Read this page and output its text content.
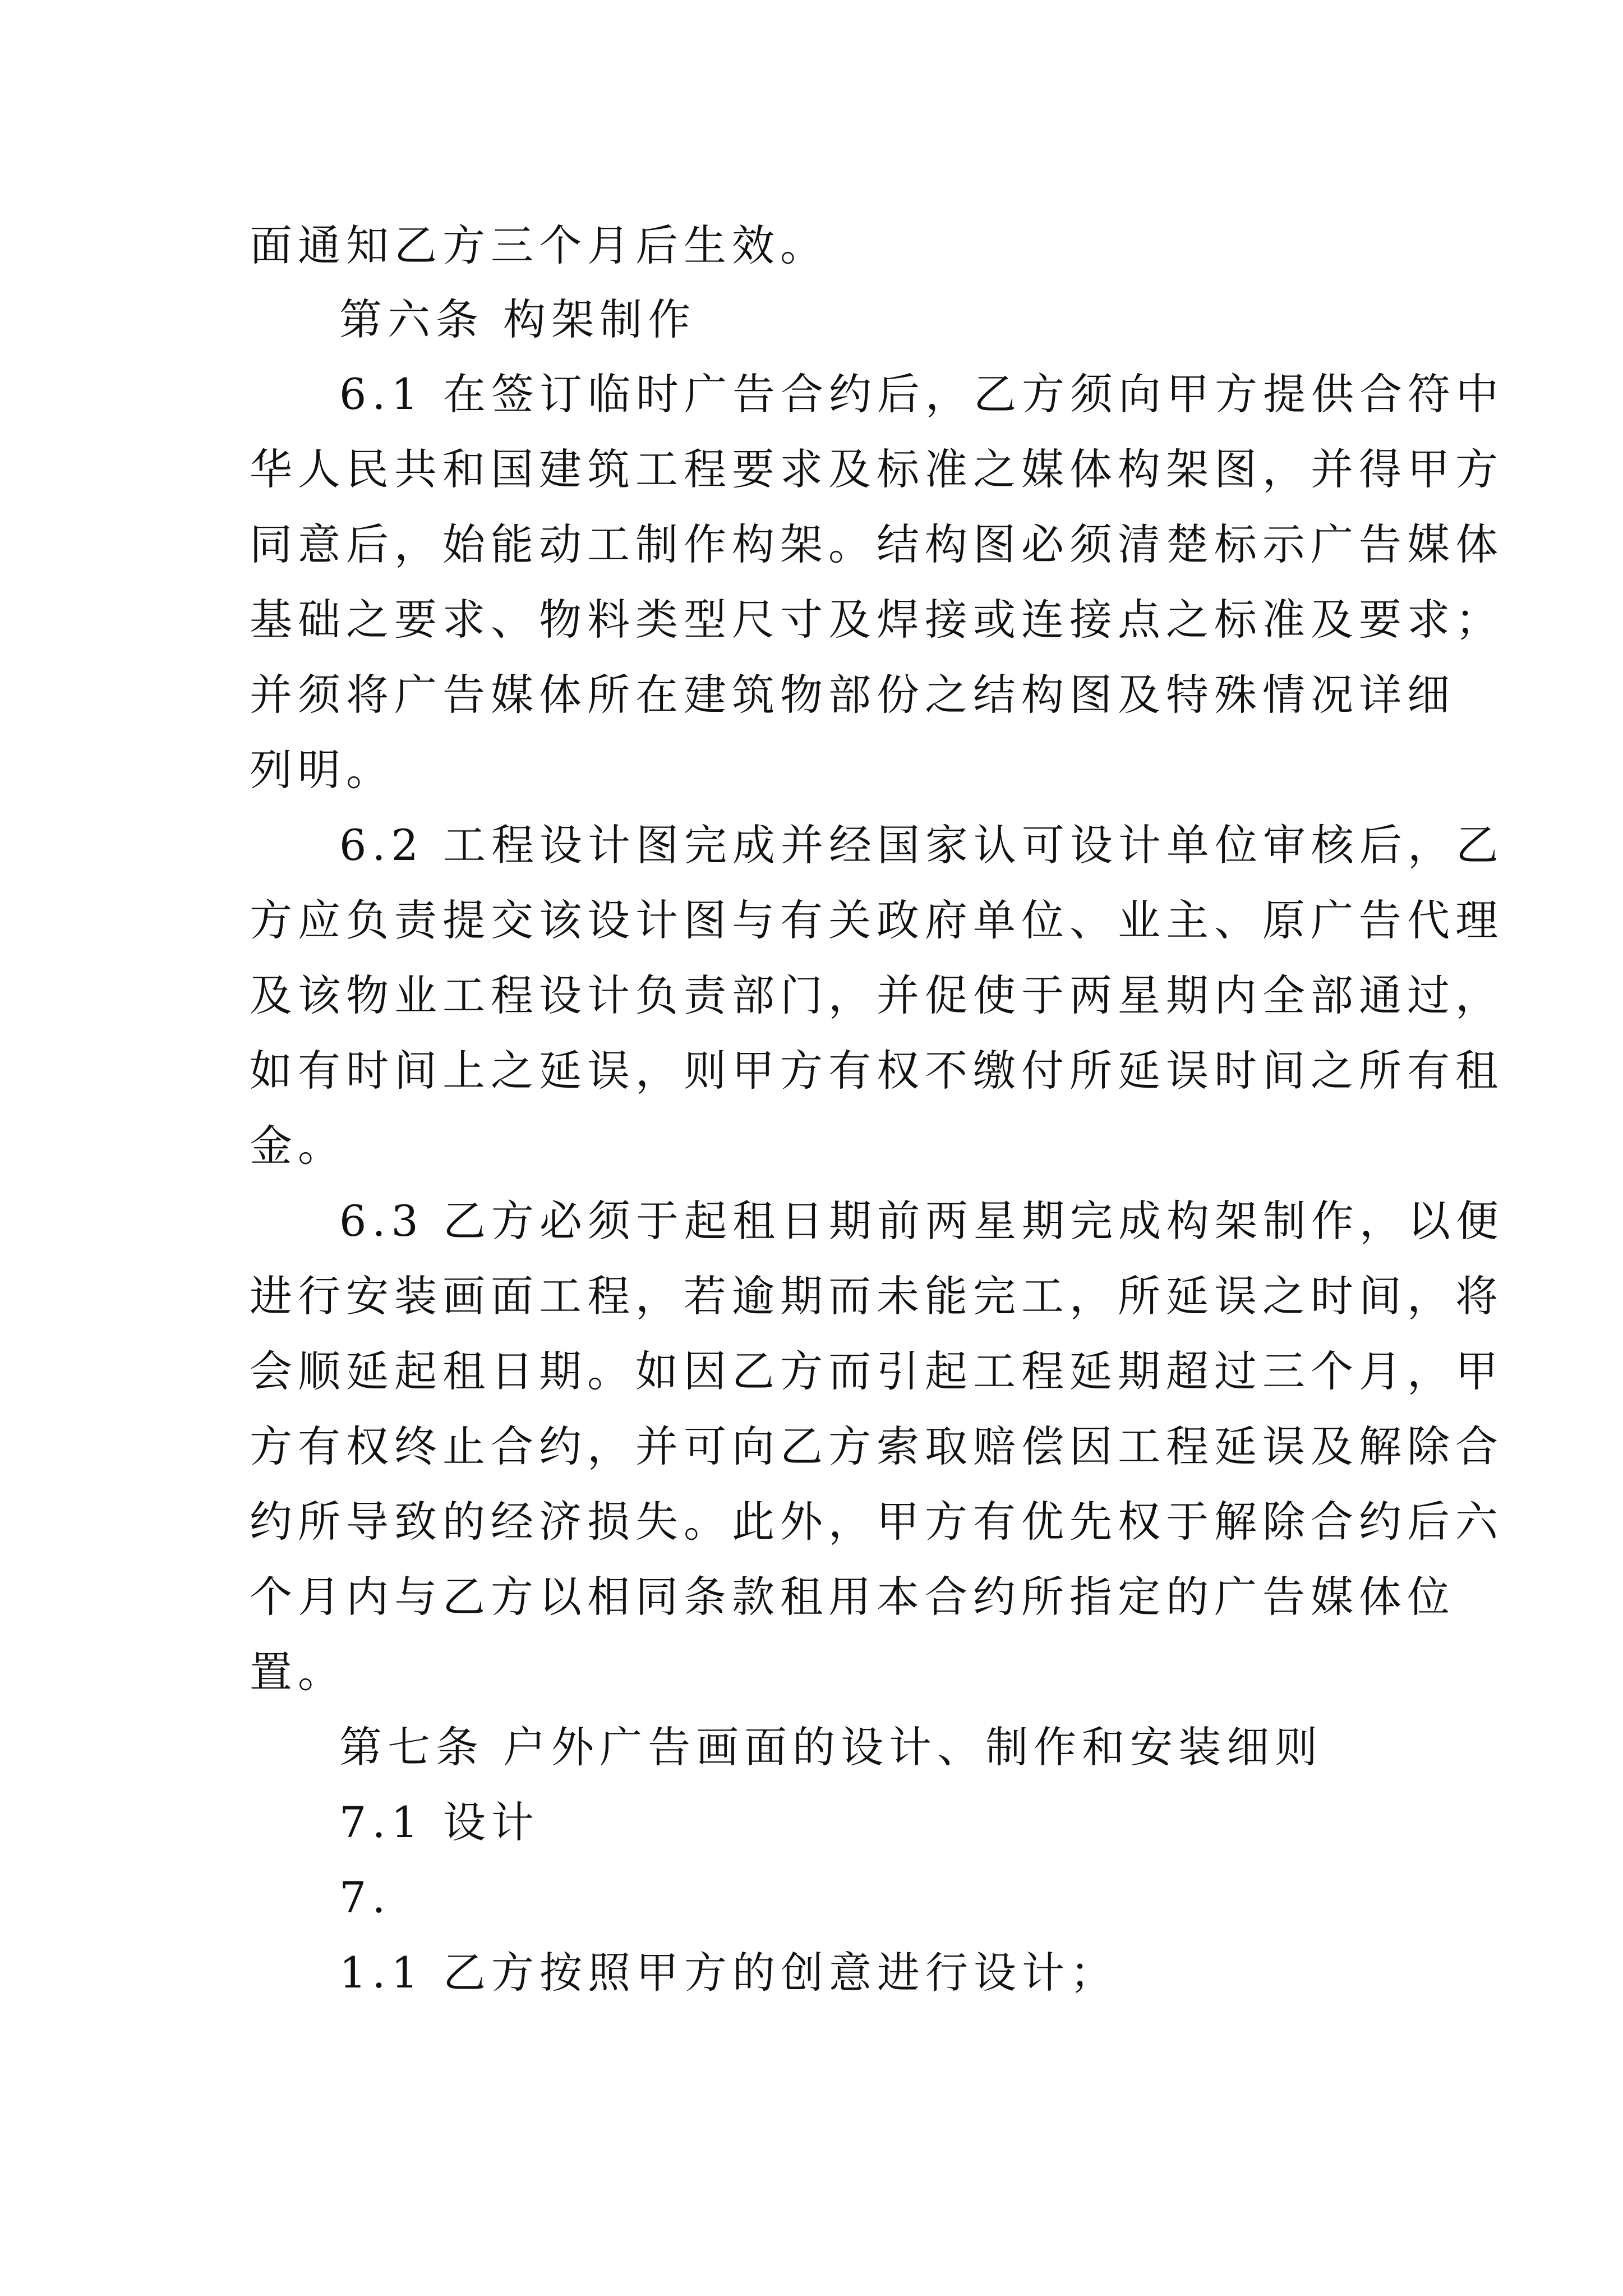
面通知乙方三个月后生效。

第六条 构架制作

6.1 在签订临时广告合约后，乙方须向甲方提供合符中

华人民共和国建筑工程要求及标准之媒体构架图，并得甲方

同意后，始能动工制作构架。结构图必须清楚标示广告媒体

基础之要求、物料类型尺寸及焊接或连接点之标准及要求；

并须将广告媒体所在建筑物部份之结构图及特殊情况详细

列明。

6.2 工程设计图完成并经国家认可设计单位审核后，乙

方应负责提交该设计图与有关政府单位、业主、原广告代理

及该物业工程设计负责部门，并促使于两星期内全部通过，

如有时间上之延误，则甲方有权不缴付所延误时间之所有租

金。

6.3 乙方必须于起租日期前两星期完成构架制作，以便

进行安装画面工程，若逾期而未能完工，所延误之时间，将

会顺延起租日期。如因乙方而引起工程延期超过三个月，甲

方有权终止合约，并可向乙方索取赔偿因工程延误及解除合

约所导致的经济损失。此外，甲方有优先权于解除合约后六

个月内与乙方以相同条款租用本合约所指定的广告媒体位

置。

第七条 户外广告画面的设计、制作和安装细则

7.1 设计

7.

1.1 乙方按照甲方的创意进行设计；
